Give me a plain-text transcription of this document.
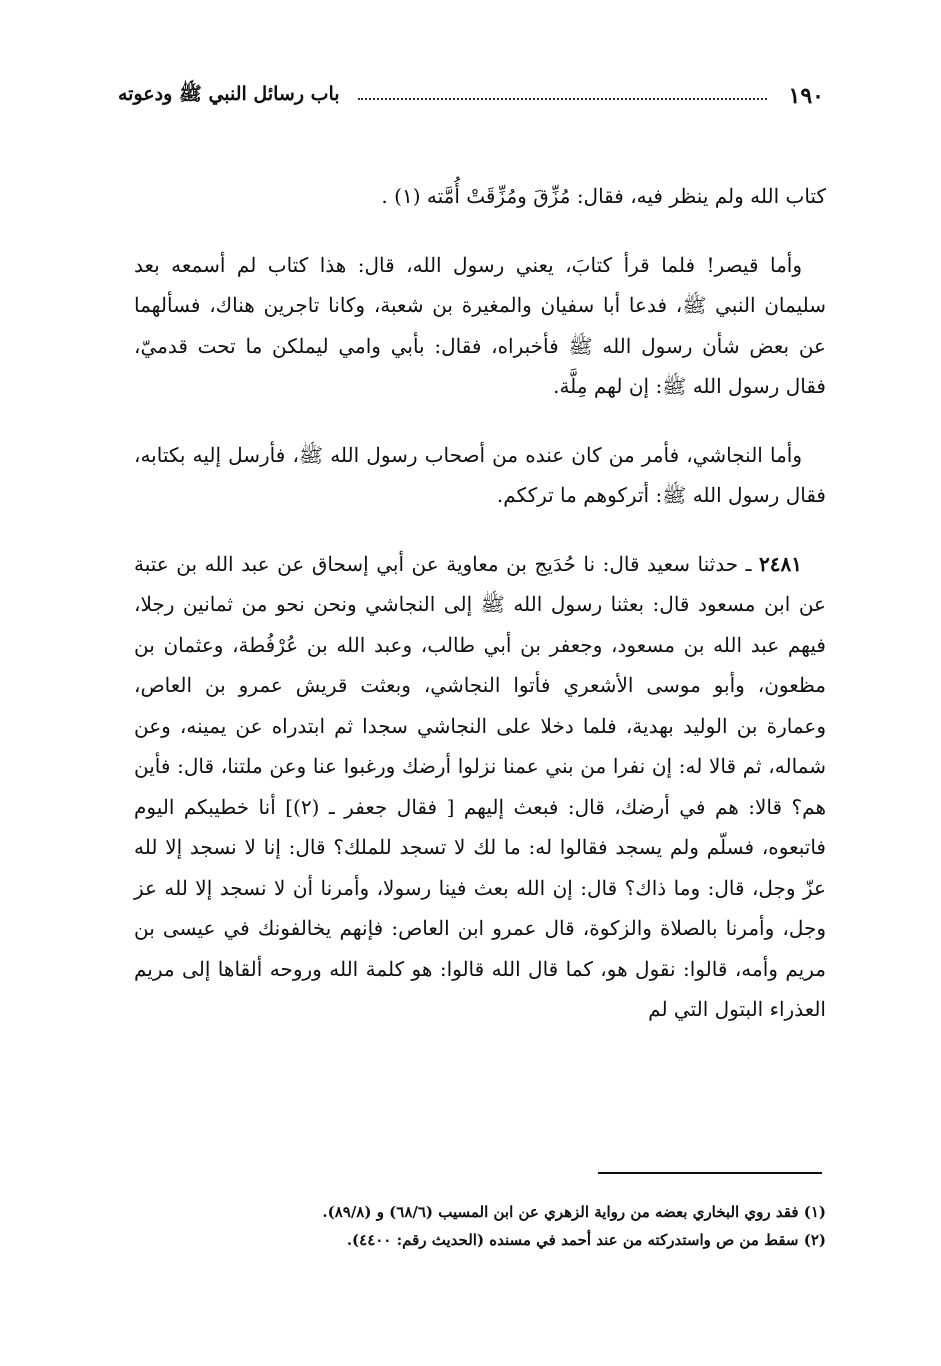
١٩٠
باب رسائل النبي ﷺ ودعوته

كتاب الله ولم ينظر فيه، فقال: مُزِّقَ ومُزِّقَتْ أُمَّته (١) .

وأما قيصر! فلما قرأ كتابَ، يعني رسول الله، قال: هذا كتاب لم أسمعه بعد سليمان النبي ﷺ، فدعا أبا سفيان والمغيرة بن شعبة، وكانا تاجرين هناك، فسألهما عن بعض شأن رسول الله ﷺ فأخبراه، فقال: بأبي وامي ليملكن ما تحت قدميّ، فقال رسول الله ﷺ: إن لهم مِلَّة.

وأما النجاشي، فأمر من كان عنده من أصحاب رسول الله ﷺ، فأرسل إليه بكتابه، فقال رسول الله ﷺ: أتركوهم ما ترككم.

٢٤٨١ ـ حدثنا سعيد قال: نا حُدَيج بن معاوية عن أبي إسحاق عن عبد الله بن عتبة عن ابن مسعود قال: بعثنا رسول الله ﷺ إلى النجاشي ونحن نحو من ثمانين رجلا، فيهم عبد الله بن مسعود، وجعفر بن أبي طالب، وعبد الله بن عُرْفُطة، وعثمان بن مظعون، وأبو موسى الأشعري فأتوا النجاشي، وبعثت قريش عمرو بن العاص، وعمارة بن الوليد بهدية، فلما دخلا على النجاشي سجدا ثم ابتدراه عن يمينه، وعن شماله، ثم قالا له: إن نفرا من بني عمنا نزلوا أرضك ورغبوا عنا وعن ملتنا، قال: فأين هم؟ قالا: هم في أرضك، قال: فبعث إليهم [ فقال جعفر ـ (٢)] أنا خطيبكم اليوم فاتبعوه، فسلّم ولم يسجد فقالوا له: ما لك لا تسجد للملك؟ قال: إنا لا نسجد إلا لله عزّ وجل، قال: وما ذاك؟ قال: إن الله بعث فينا رسولا، وأمرنا أن لا نسجد إلا لله عز وجل، وأمرنا بالصلاة والزكوة، قال عمرو ابن العاص: فإنهم يخالفونك في عيسى بن مريم وأمه، قالوا: نقول هو، كما قال الله قالوا: هو كلمة الله وروحه ألقاها إلى مريم العذراء البتول التي لم

(١) فقد روي البخاري بعضه من رواية الزهري عن ابن المسيب (٦٨/٦) و (٨٩/٨).

(٢) سقط من ص واستدركته من عند أحمد في مسنده (الحديث رقم: ٤٤٠٠).
